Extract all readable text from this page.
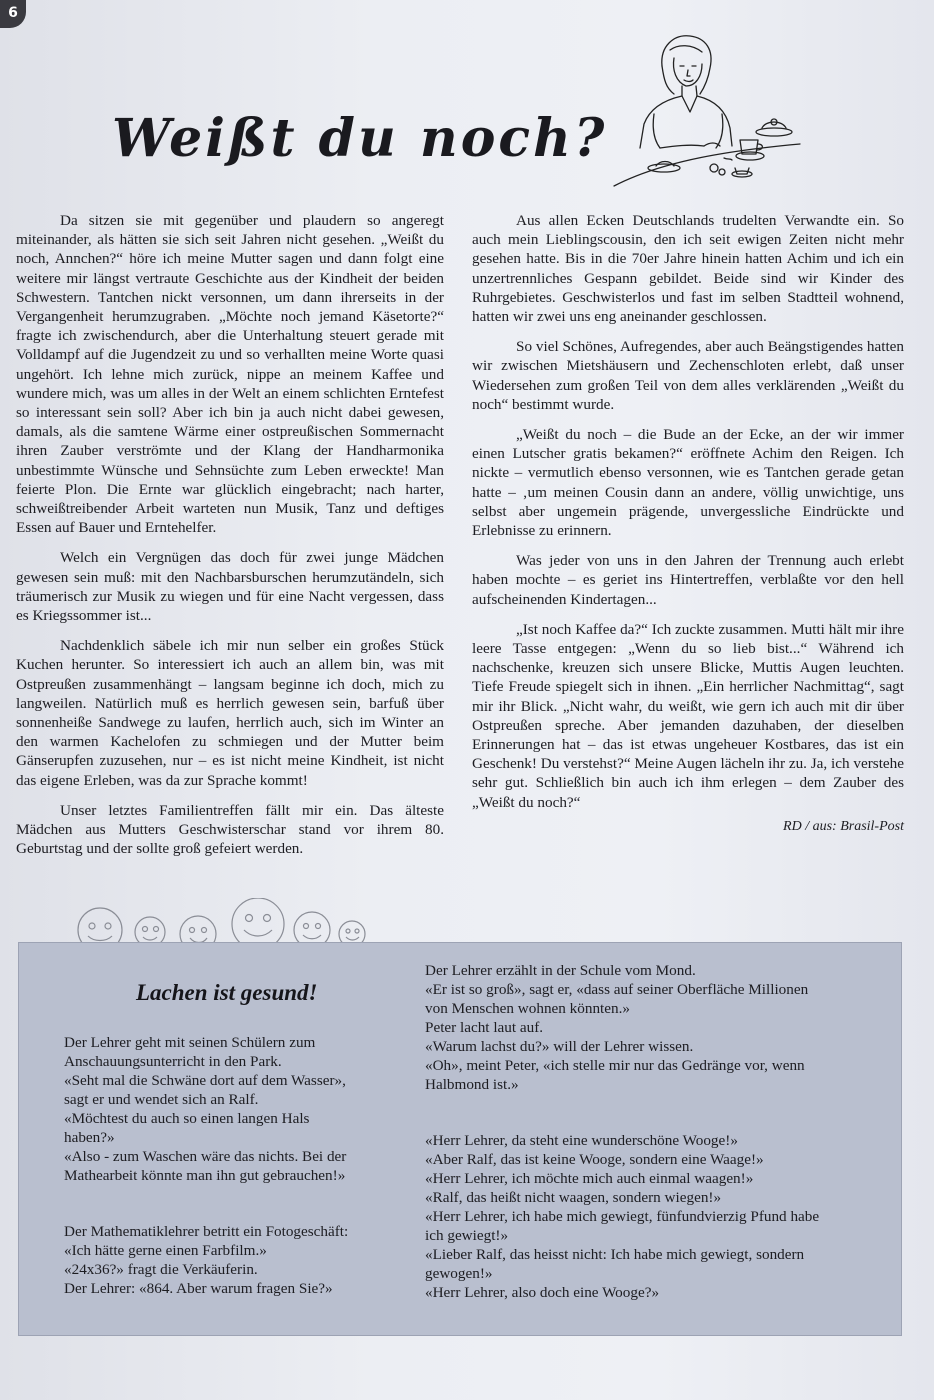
6
Weißt du noch?

Da sitzen sie mit gegenüber und plaudern so angeregt miteinander, als hätten sie sich seit Jahren nicht gesehen. „Weißt du noch, Annchen?“ höre ich meine Mutter sagen und dann folgt eine weitere mir längst vertraute Geschichte aus der Kindheit der beiden Schwestern. Tantchen nickt versonnen, um dann ihrerseits in der Vergangenheit herumzugraben. „Möchte noch jemand Käsetorte?“ fragte ich zwischendurch, aber die Unterhaltung steuert gerade mit Volldampf auf die Jugendzeit zu und so verhallten meine Worte quasi ungehört. Ich lehne mich zurück, nippe an meinem Kaffee und wundere mich, was um alles in der Welt an einem schlichten Erntefest so interessant sein soll? Aber ich bin ja auch nicht dabei gewesen, damals, als die samtene Wärme einer ostpreußischen Sommernacht ihren Zauber verströmte und der Klang der Handharmonika unbestimmte Wünsche und Sehnsüchte zum Leben erweckte! Man feierte Plon. Die Ernte war glücklich eingebracht; nach harter, schweißtreibender Arbeit warteten nun Musik, Tanz und deftiges Essen auf Bauer und Erntehelfer.

Welch ein Vergnügen das doch für zwei junge Mädchen gewesen sein muß: mit den Nachbarsburschen herumzutändeln, sich träumerisch zur Musik zu wiegen und für eine Nacht vergessen, dass es Kriegssommer ist...

Nachdenklich säbele ich mir nun selber ein großes Stück Kuchen herunter. So interessiert ich auch an allem bin, was mit Ostpreußen zusammenhängt – langsam beginne ich doch, mich zu langweilen. Natürlich muß es herrlich gewesen sein, barfuß über sonnenheiße Sandwege zu laufen, herrlich auch, sich im Winter an den warmen Kachelofen zu schmiegen und der Mutter beim Gänserupfen zuzusehen, nur – es ist nicht meine Kindheit, ist nicht das eigene Erleben, was da zur Sprache kommt!

Unser letztes Familientreffen fällt mir ein. Das älteste Mädchen aus Mutters Geschwisterschar stand vor ihrem 80. Geburtstag und der sollte groß gefeiert werden.

Aus allen Ecken Deutschlands trudelten Verwandte ein. So auch mein Lieblingscousin, den ich seit ewigen Zeiten nicht mehr gesehen hatte. Bis in die 70er Jahre hinein hatten Achim und ich ein unzertrennliches Gespann gebildet. Beide sind wir Kinder des Ruhrgebietes. Geschwisterlos und fast im selben Stadtteil wohnend, hatten wir zwei uns eng aneinander geschlossen.

So viel Schönes, Aufregendes, aber auch Beängstigendes hatten wir zwischen Mietshäusern und Zechenschloten erlebt, daß unser Wiedersehen zum großen Teil von dem alles verklärenden „Weißt du noch“ bestimmt wurde.

„Weißt du noch – die Bude an der Ecke, an der wir immer einen Lutscher gratis bekamen?“ eröffnete Achim den Reigen. Ich nickte – vermutlich ebenso versonnen, wie es Tantchen gerade getan hatte – ‚um meinen Cousin dann an andere, völlig unwichtige, uns selbst aber ungemein prägende, unvergessliche Eindrückte und Erlebnisse zu erinnern.

Was jeder von uns in den Jahren der Trennung auch erlebt haben mochte – es geriet ins Hintertreffen, verblaßte vor den hell aufscheinenden Kindertagen...

„Ist noch Kaffee da?“ Ich zuckte zusammen. Mutti hält mir ihre leere Tasse entgegen: „Wenn du so lieb bist...“ Während ich nachschenke, kreuzen sich unsere Blicke, Muttis Augen leuchten. Tiefe Freude spiegelt sich in ihnen. „Ein herrlicher Nachmittag“, sagt mir ihr Blick. „Nicht wahr, du weißt, wie gern ich auch mit dir über Ostpreußen spreche. Aber jemanden dazuhaben, der dieselben Erinnerungen hat – das ist etwas ungeheuer Kostbares, das ist ein Geschenk! Du verstehst?“ Meine Augen lächeln ihr zu. Ja, ich verstehe sehr gut. Schließlich bin auch ich ihm erlegen – dem Zauber des „Weißt du noch?“

RD / aus: Brasil-Post
Lachen ist gesund!
Der Lehrer geht mit seinen Schülern zum
Anschauungsunterricht in den Park.
«Seht mal die Schwäne dort auf dem Wasser»,
sagt er und wendet sich an Ralf.
«Möchtest du auch so einen langen Hals
haben?»
«Also - zum Waschen wäre das nichts. Bei der
Mathearbeit könnte man ihn gut gebrauchen!»
Der Mathematiklehrer betritt ein Fotogeschäft:
«Ich hätte gerne einen Farbfilm.»
«24x36?» fragt die Verkäuferin.
Der Lehrer: «864. Aber warum fragen Sie?»
Der Lehrer erzählt in der Schule vom Mond.
«Er ist so groß», sagt er, «dass auf seiner Oberfläche Millionen
von Menschen wohnen könnten.»
Peter lacht laut auf.
«Warum lachst du?» will der Lehrer wissen.
«Oh», meint Peter, «ich stelle mir nur das Gedränge vor, wenn
Halbmond ist.»
«Herr Lehrer, da steht eine wunderschöne Wooge!»
«Aber Ralf, das ist keine Wooge, sondern eine Waage!»
«Herr Lehrer, ich möchte mich auch einmal waagen!»
«Ralf, das heißt nicht waagen, sondern wiegen!»
«Herr Lehrer, ich habe mich gewiegt, fünfundvierzig Pfund habe
ich gewiegt!»
«Lieber Ralf, das heisst nicht: Ich habe mich gewiegt, sondern
gewogen!»
«Herr Lehrer, also doch eine Wooge?»
